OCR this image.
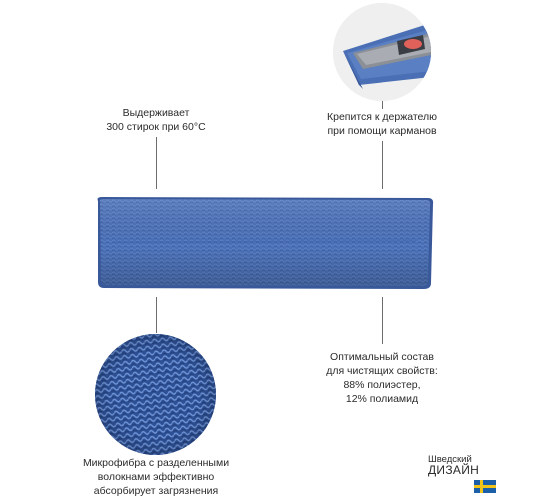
Выдерживает
300 стирок при 60°С
Крепится к держателю
при помощи карманов
Оптимальный состав
для чистящих свойств:
88% полиэстер,
12% полиамид
Микрофибра с разделенными
волокнами эффективно
абсорбирует загрязнения
Шведский
ДИЗАЙН
